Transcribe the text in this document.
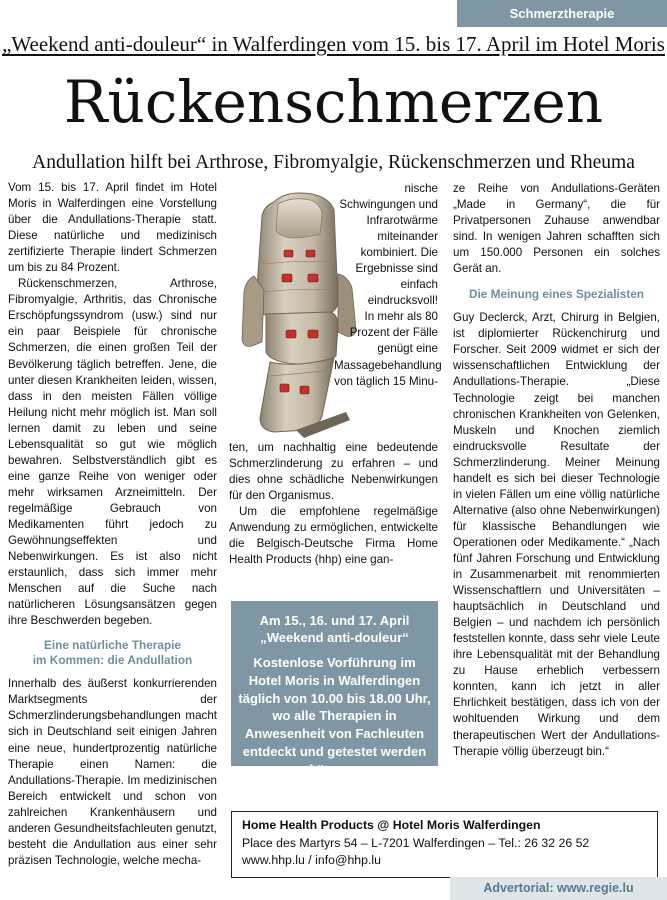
Schmerztherapie
„Weekend anti-douleur“ in Walferdingen vom 15. bis 17. April im Hotel Moris
Rückenschmerzen
Andullation hilft bei Arthrose, Fibromyalgie, Rückenschmerzen und Rheuma

Vom 15. bis 17. April findet im Hotel Moris in Walferdingen eine Vorstellung über die Andullations-Therapie statt. Diese natürliche und medizinisch zertifizierte Therapie lindert Schmerzen um bis zu 84 Prozent.

Rückenschmerzen, Arthrose, Fibromyalgie, Arthritis, das Chronische Erschöpfungssyndrom (usw.) sind nur ein paar Beispiele für chronische Schmerzen, die einen großen Teil der Bevölkerung täglich betreffen. Jene, die unter diesen Krankheiten leiden, wissen, dass in den meisten Fällen völlige Heilung nicht mehr möglich ist. Man soll lernen damit zu leben und seine Lebensqualität so gut wie möglich bewahren. Selbstverständlich gibt es eine ganze Reihe von weniger oder mehr wirksamen Arzneimitteln. Der regelmäßige Gebrauch von Medikamenten führt jedoch zu Gewöhnungseffekten und Nebenwirkungen. Es ist also nicht erstaunlich, dass sich immer mehr Menschen auf die Suche nach natürlicheren Lösungsansätzen gegen ihre Beschwerden begeben.

Eine natürliche Therapie
im Kommen: die Andullation

Innerhalb des äußerst konkurrierenden Marktsegments der Schmerzlinderungsbehandlungen macht sich in Deutschland seit einigen Jahren eine neue, hundertprozentig natürliche Therapie einen Namen: die Andullations-Therapie. Im medizinischen Bereich entwickelt und schon von zahlreichen Krankenhäusern und anderen Gesundheitsfachleuten genutzt, besteht die Andullation aus einer sehr präzisen Technologie, welche mecha-

nische Schwingungen und Infrarotwärme miteinander kombiniert. Die Ergebnisse sind einfach eindrucksvoll!

In mehr als 80 Prozent der Fälle genügt eine Massagebehandlung von täglich 15 Minu-

ten, um nachhaltig eine bedeutende Schmerzlinderung zu erfahren – und dies ohne schädliche Nebenwirkungen für den Organismus.

Um die empfohlene regelmäßige Anwendung zu ermöglichen, entwickelte die Belgisch-Deutsche Firma Home Health Products (hhp) eine gan-

Am 15., 16. und 17. April
„Weekend anti-douleur“
Kostenlose Vorführung im Hotel Moris in Walferdingen täglich von 10.00 bis 18.00 Uhr, wo alle Therapien in Anwesenheit von Fachleuten entdeckt und getestet werden können.

ze Reihe von Andullations-Geräten „Made in Germany“, die für Privatpersonen Zuhause anwendbar sind. In wenigen Jahren schafften sich um 150.000 Personen ein solches Gerät an.

Die Meinung eines Spezialisten

Guy Declerck, Arzt, Chirurg in Belgien, ist diplomierter Rückenchirurg und Forscher. Seit 2009 widmet er sich der wissenschaftlichen Entwicklung der Andullations-Therapie. „Diese Technologie zeigt bei manchen chronischen Krankheiten von Gelenken, Muskeln und Knochen ziemlich eindrucksvolle Resultate der Schmerzlinderung. Meiner Meinung handelt es sich bei dieser Technologie in vielen Fällen um eine völlig natürliche Alternative (also ohne Nebenwirkungen) für klassische Behandlungen wie Operationen oder Medikamente.“ „Nach fünf Jahren Forschung und Entwicklung in Zusammenarbeit mit renommierten Wissenschaftlern und Universitäten – hauptsächlich in Deutschland und Belgien – und nachdem ich persönlich feststellen konnte, dass sehr viele Leute ihre Lebensqualität mit der Behandlung zu Hause erheblich verbessern konnten, kann ich jetzt in aller Ehrlichkeit bestätigen, dass ich von der wohltuenden Wirkung und dem therapeutischen Wert der Andullations-Therapie völlig überzeugt bin.“

Home Health Products @ Hotel Moris Walferdingen
Place des Martyrs 54 – L-7201 Walferdingen – Tel.: 26 32 26 52
www.hhp.lu / info@hhp.lu
Advertorial: www.regie.lu
